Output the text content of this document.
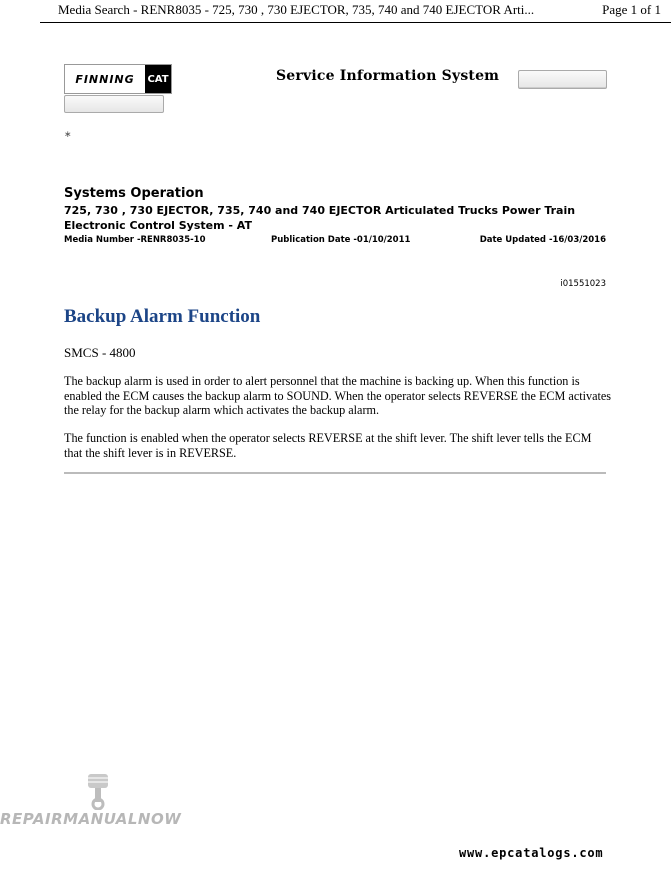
Media Search - RENR8035 - 725, 730 , 730 EJECTOR, 735, 740 and 740 EJECTOR Arti...	Page 1 of 1
FINNING	CAT	Service Information System
∗
Systems Operation
725, 730 , 730 EJECTOR, 735, 740 and 740 EJECTOR Articulated Trucks Power Train
Electronic Control System - AT
Media Number -RENR8035-10	Publication Date -01/10/2011	Date Updated -16/03/2016
i01551023
Backup Alarm Function
SMCS - 4800
The backup alarm is used in order to alert personnel that the machine is backing up. When this function is enabled the ECM causes the backup alarm to SOUND. When the operator selects REVERSE the ECM activates the relay for the backup alarm which activates the backup alarm.
The function is enabled when the operator selects REVERSE at the shift lever. The shift lever tells the ECM that the shift lever is in REVERSE.
REPAIRMANUALNOW
www.epcatalogs.com
